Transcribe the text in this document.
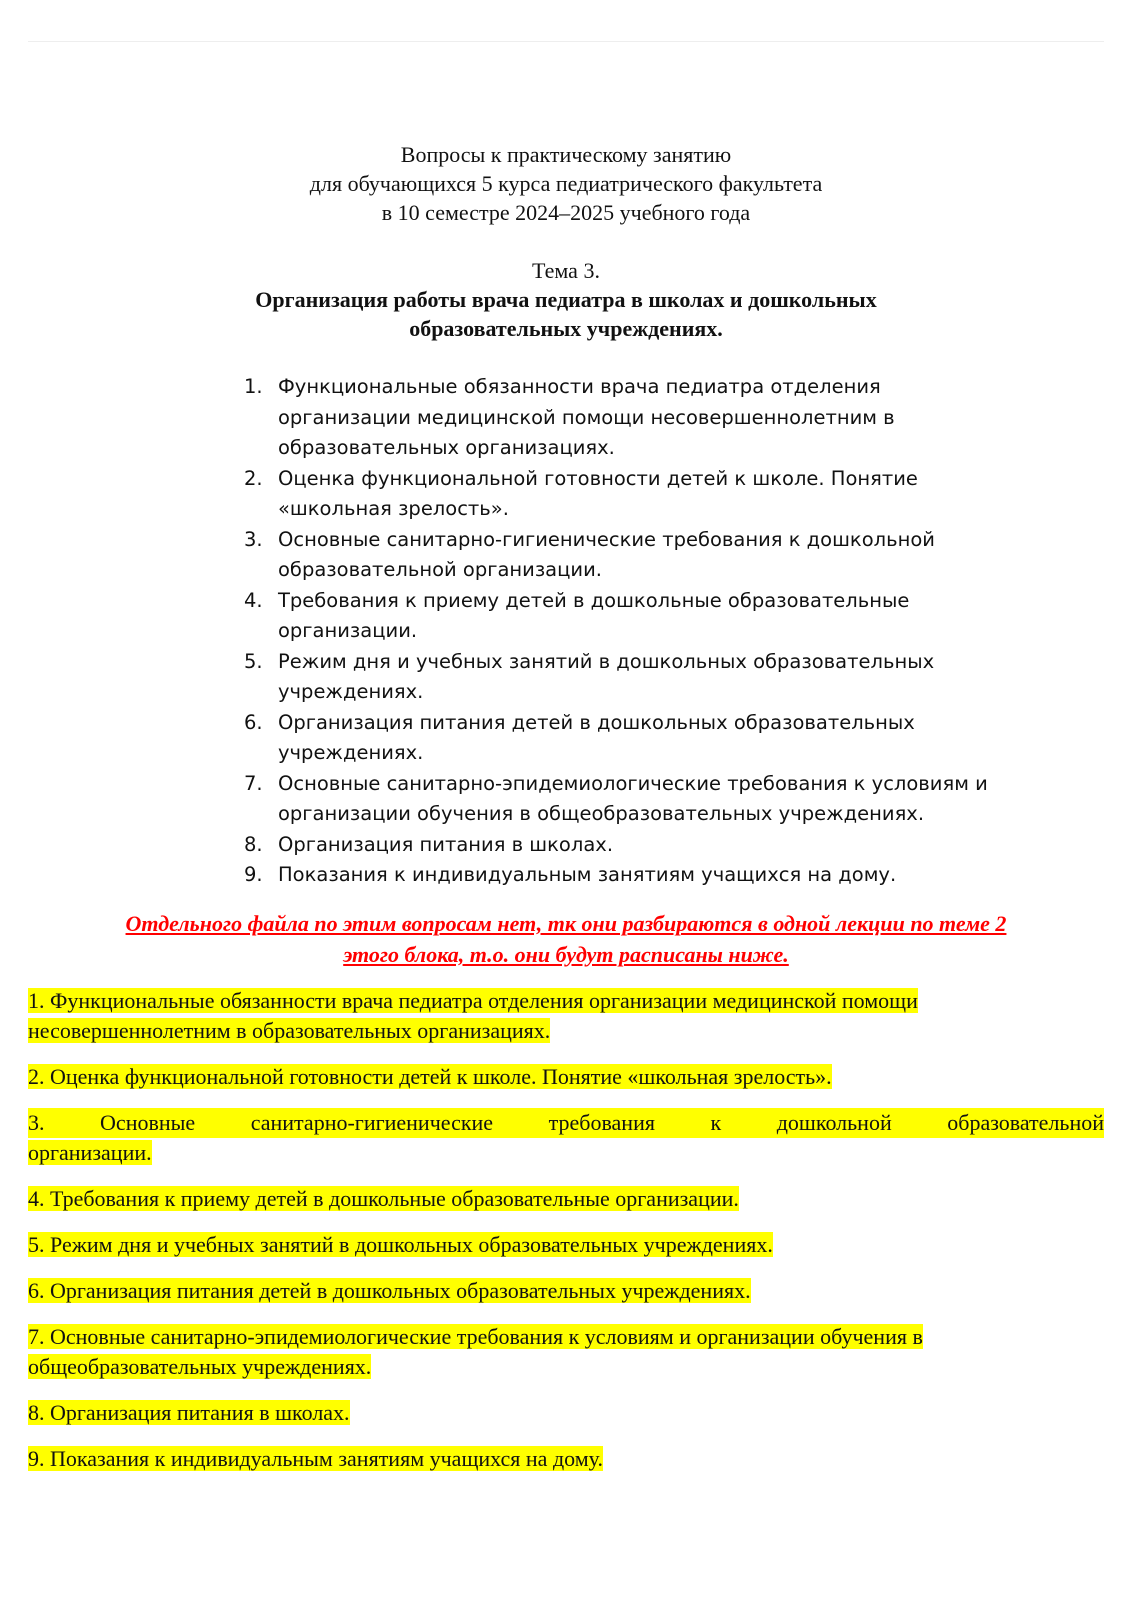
Вопросы к практическому занятию
для обучающихся 5 курса педиатрического факультета
в 10 семестре 2024–2025 учебного года
Тема 3.
Организация работы врача педиатра в школах и дошкольных
образовательных учреждениях.
1. Функциональные обязанности врача педиатра отделения
организации медицинской помощи несовершеннолетним в
образовательных организациях.
2. Оценка функциональной готовности детей к школе. Понятие
«школьная зрелость».
3. Основные санитарно-гигиенические требования к дошкольной
образовательной организации.
4. Требования к приему детей в дошкольные образовательные
организации.
5. Режим дня и учебных занятий в дошкольных образовательных
учреждениях.
6. Организация питания детей в дошкольных образовательных
учреждениях.
7. Основные санитарно-эпидемиологические требования к условиям и
организации обучения в общеобразовательных учреждениях.
8. Организация питания в школах.
9. Показания к индивидуальным занятиям учащихся на дому.
Отдельного файла по этим вопросам нет, тк они разбираются в одной лекции по теме 2
этого блока, т.о. они будут расписаны ниже.

1. Функциональные обязанности врача педиатра отделения организации медицинской помощи
несовершеннолетним в образовательных организациях.

2. Оценка функциональной готовности детей к школе. Понятие «школьная зрелость».

3. Основные санитарно-гигиенические требования к дошкольной образовательной
организации.

4. Требования к приему детей в дошкольные образовательные организации.

5. Режим дня и учебных занятий в дошкольных образовательных учреждениях.

6. Организация питания детей в дошкольных образовательных учреждениях.

7. Основные санитарно-эпидемиологические требования к условиям и организации обучения в
общеобразовательных учреждениях.

8. Организация питания в школах.

9. Показания к индивидуальным занятиям учащихся на дому.
